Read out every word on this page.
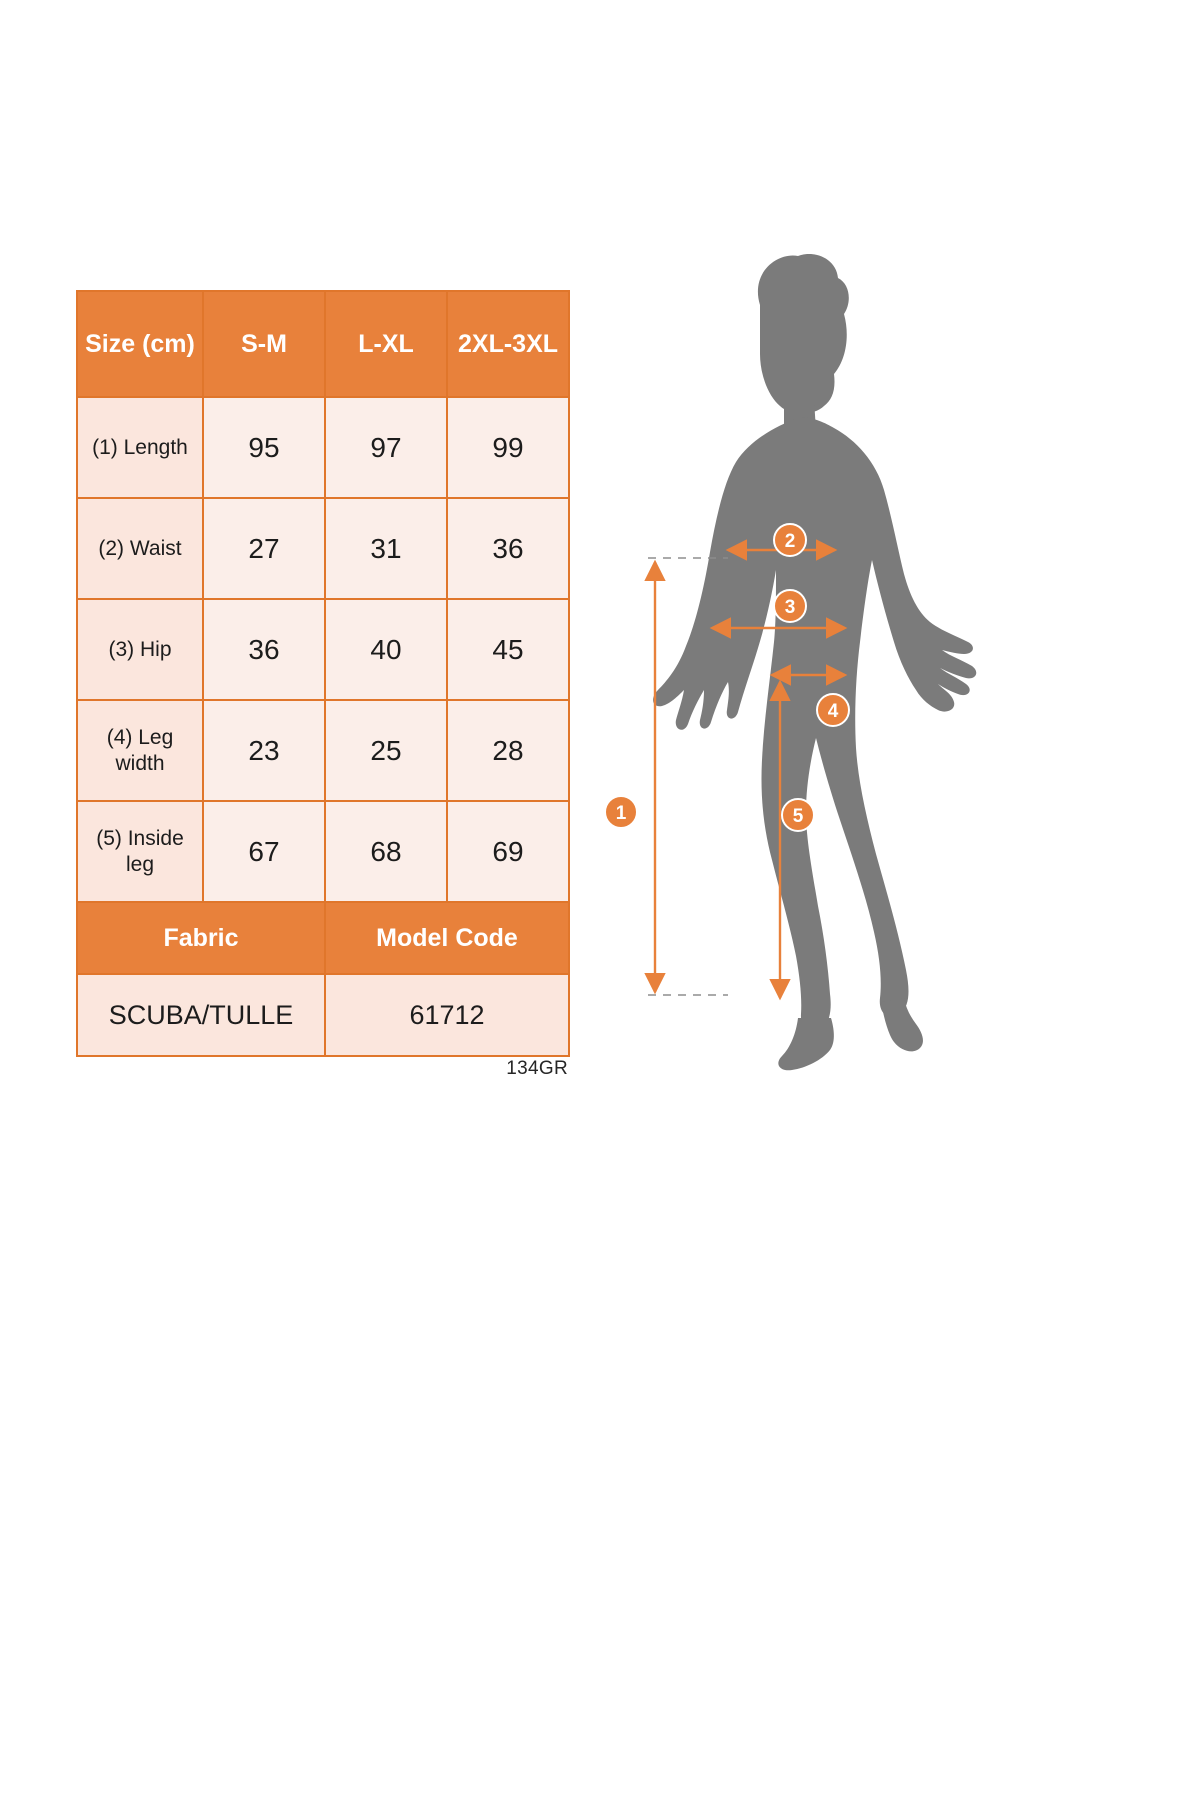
Size (cm)	S-M	L-XL	2XL-3XL
(1) Length	95	97	99
(2) Waist	27	31	36
(3) Hip	36	40	45
(4) Leg width	23	25	28
(5) Inside leg	67	68	69
Fabric		Model Code	
SCUBA/TULLE		61712	
134GR
1
2
3
4
5
